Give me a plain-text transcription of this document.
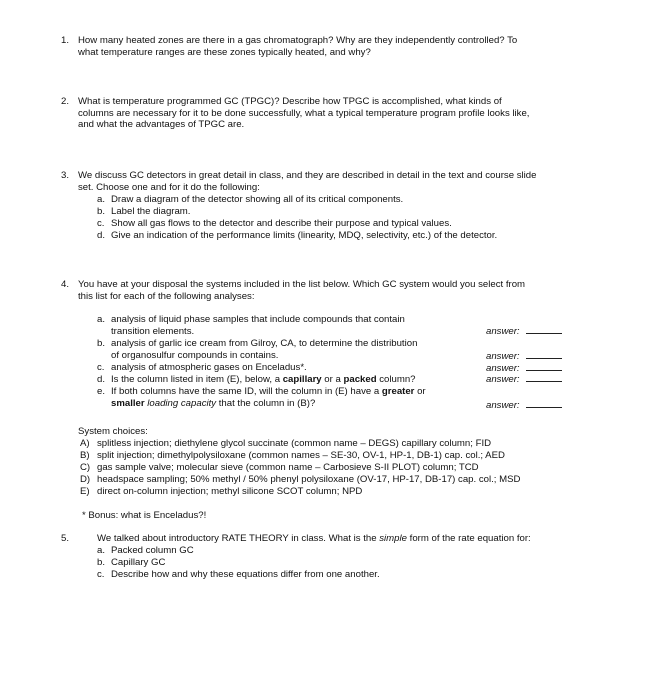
1. How many heated zones are there in a gas chromatograph? Why are they independently controlled? To
what temperature ranges are these zones typically heated, and why?
2. What is temperature programmed GC (TPGC)? Describe how TPGC is accomplished, what kinds of
columns are necessary for it to be done successfully, what a typical temperature program profile looks like,
and what the advantages of TPGC are.
3. We discuss GC detectors in great detail in class, and they are described in detail in the text and course slide
set. Choose one and for it do the following:
a. Draw a diagram of the detector showing all of its critical components.
b. Label the diagram.
c. Show all gas flows to the detector and describe their purpose and typical values.
d. Give an indication of the performance limits (linearity, MDQ, selectivity, etc.) of the detector.
4. You have at your disposal the systems included in the list below. Which GC system would you select from
this list for each of the following analyses:
a. analysis of liquid phase samples that include compounds that contain
transition elements.	answer:
b. analysis of garlic ice cream from Gilroy, CA, to determine the distribution
of organosulfur compounds in contains.	answer:
c. analysis of atmospheric gases on Enceladus*.	answer:
d. Is the column listed in item (E), below, a capillary or a packed column?	answer:
e. If both columns have the same ID, will the column in (E) have a greater or
smaller loading capacity that the column in (B)?	answer:
System choices:
A) splitless injection; diethylene glycol succinate (common name – DEGS) capillary column; FID
B) split injection; dimethylpolysiloxane (common names – SE-30, OV-1, HP-1, DB-1) cap. col.; AED
C) gas sample valve; molecular sieve (common name – Carbosieve S-II PLOT) column; TCD
D) headspace sampling; 50% methyl / 50% phenyl polysiloxane (OV-17, HP-17, DB-17) cap. col.; MSD
E) direct on-column injection; methyl silicone SCOT column; NPD
* Bonus: what is Enceladus?!
5.	We talked about introductory RATE THEORY in class. What is the simple form of the rate equation for:
a. Packed column GC
b. Capillary GC
c. Describe how and why these equations differ from one another.
